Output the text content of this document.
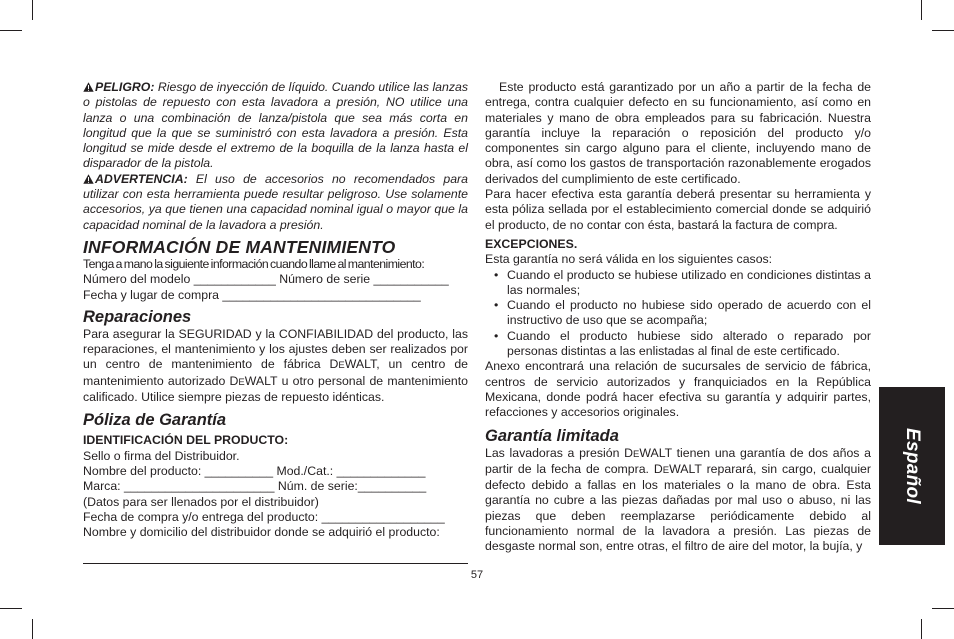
PELIGRO: Riesgo de inyección de líquido. Cuando utilice las lanzas o pistolas de repuesto con esta lavadora a presión, NO utilice una lanza o una combinación de lanza/pistola que sea más corta en longitud que la que se suministró con esta lavadora a presión. Esta longitud se mide desde el extremo de la boquilla de la lanza hasta el disparador de la pistola.

ADVERTENCIA: El uso de accesorios no recomendados para utilizar con esta herramienta puede resultar peligroso. Use solamente accesorios, ya que tienen una capacidad nominal igual o mayor que la capacidad nominal de la lavadora a presión.

INFORMACIÓN DE MANTENIMIENTO

Tenga a mano la siguiente información cuando llame al mantenimiento:

Número del modelo ____________ Número de serie ___________

Fecha y lugar de compra _____________________________

Reparaciones

Para asegurar la SEGURIDAD y la CONFIABILIDAD del producto, las reparaciones, el mantenimiento y los ajustes deben ser realizados por un centro de mantenimiento de fábrica DEWALT, un centro de mantenimiento autorizado DEWALT u otro personal de mantenimiento calificado. Utilice siempre piezas de repuesto idénticas.

Póliza de Garantía

IDENTIFICACIÓN DEL PRODUCTO:

Sello o firma del Distribuidor.

Nombre del producto: __________ Mod./Cat.: _____________

Marca: ______________________ Núm. de serie:__________

(Datos para ser llenados por el distribuidor)

Fecha de compra y/o entrega del producto: __________________

Nombre y domicilio del distribuidor donde se adquirió el producto:

Este producto está garantizado por un año a partir de la fecha de entrega, contra cualquier defecto en su funcionamiento, así como en materiales y mano de obra empleados para su fabricación. Nuestra garantía incluye la reparación o reposición del producto y/o componentes sin cargo alguno para el cliente, incluyendo mano de obra, así como los gastos de transportación razonablemente erogados derivados del cumplimiento de este certificado.

Para hacer efectiva esta garantía deberá presentar su herramienta y esta póliza sellada por el establecimiento comercial donde se adquirió el producto, de no contar con ésta, bastará la factura de compra.

EXCEPCIONES.

Esta garantía no será válida en los siguientes casos:

• Cuando el producto se hubiese utilizado en condiciones distintas a las normales;
• Cuando el producto no hubiese sido operado de acuerdo con el instructivo de uso que se acompaña;
• Cuando el producto hubiese sido alterado o reparado por personas distintas a las enlistadas al final de este certificado.

Anexo encontrará una relación de sucursales de servicio de fábrica, centros de servicio autorizados y franquiciados en la República Mexicana, donde podrá hacer efectiva su garantía y adquirir partes, refacciones y accesorios originales.

Garantía limitada

Las lavadoras a presión DEWALT tienen una garantía de dos años a partir de la fecha de compra. DEWALT reparará, sin cargo, cualquier defecto debido a fallas en los materiales o la mano de obra. Esta garantía no cubre a las piezas dañadas por mal uso o abuso, ni las piezas que deben reemplazarse periódicamente debido al funcionamiento normal de la lavadora a presión. Las piezas de desgaste normal son, entre otras, el filtro de aire del motor, la bujía, y

Español
57
